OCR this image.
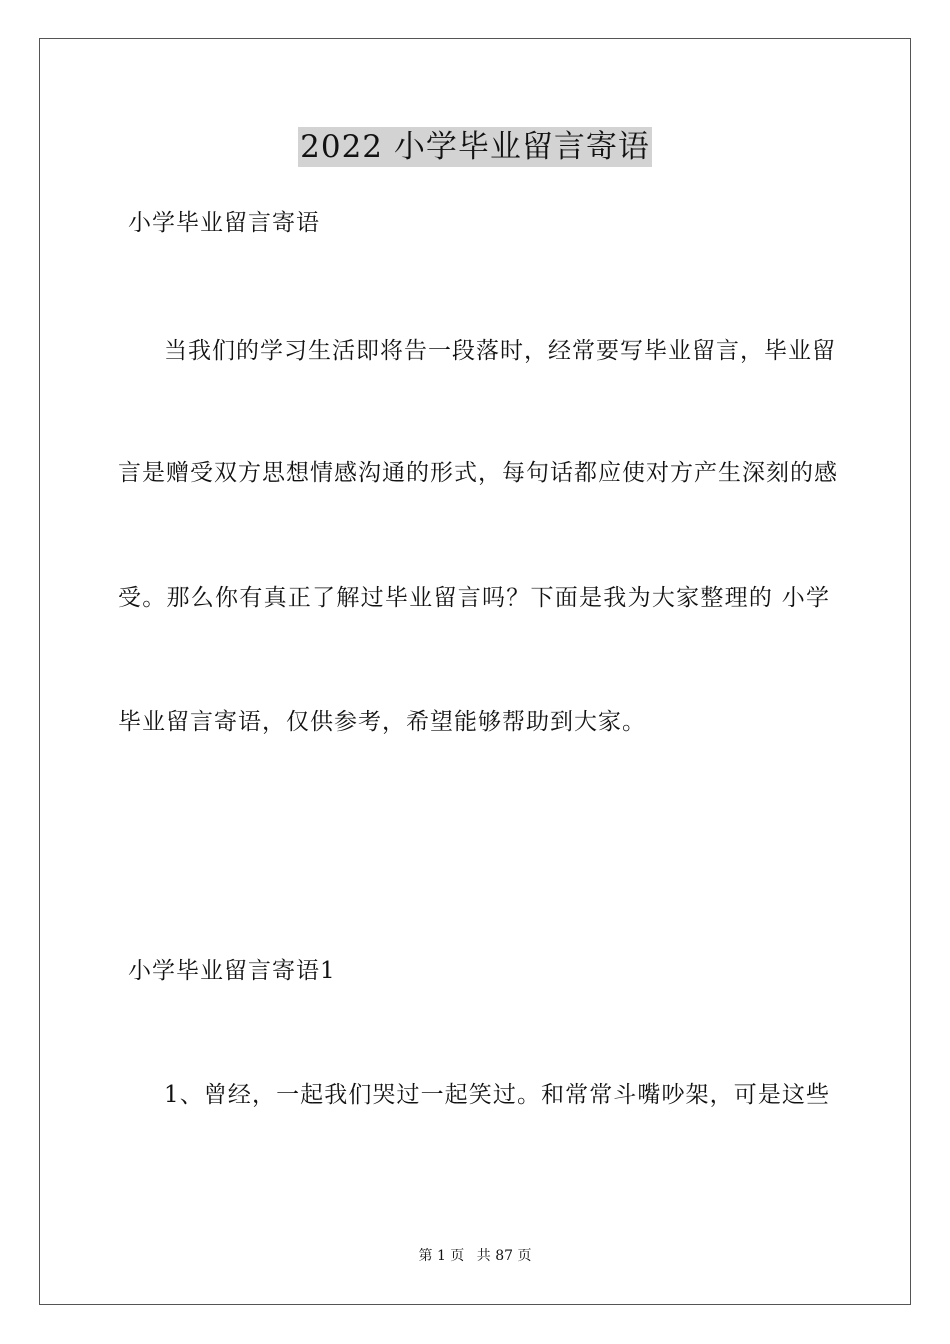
2022 小学毕业留言寄语
小学毕业留言寄语
当我们的学习生活即将告一段落时，经常要写毕业留言，毕业留
言是赠受双方思想情感沟通的形式，每句话都应使对方产生深刻的感
受。那么你有真正了解过毕业留言吗？下面是我为大家整理的 小学
毕业留言寄语，仅供参考，希望能够帮助到大家。
小学毕业留言寄语1
1、曾经，一起我们哭过一起笑过。和常常斗嘴吵架，可是这些
第 1 页 共 87 页
